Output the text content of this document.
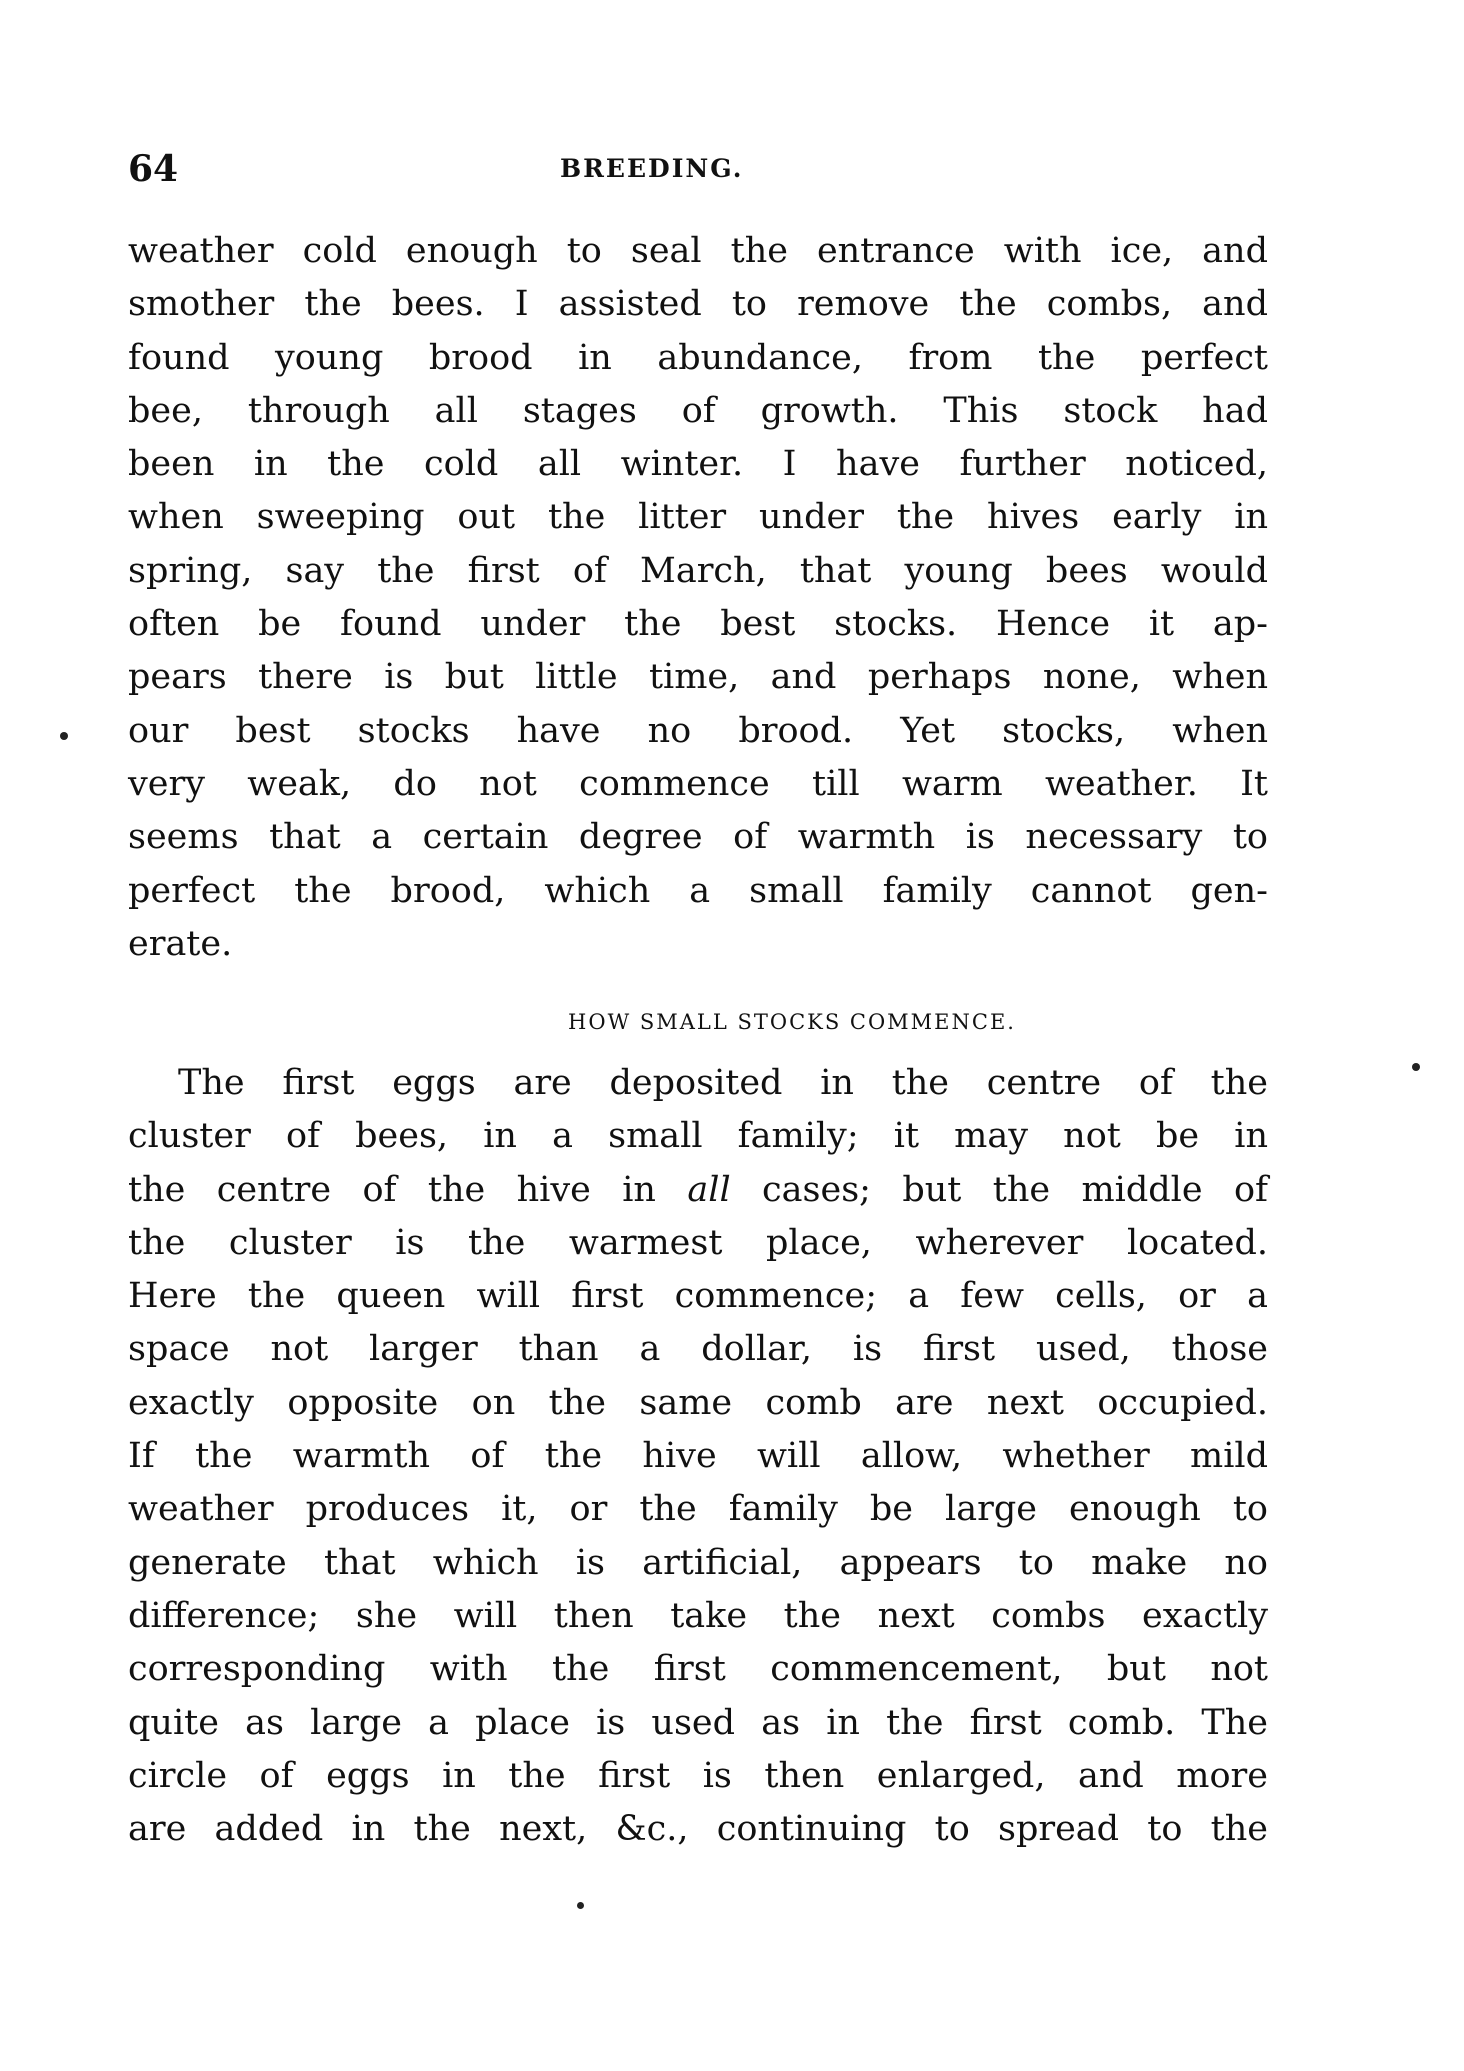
64	BREEDING.
weather cold enough to seal the entrance with ice, and
smother the bees. I assisted to remove the combs, and
found young brood in abundance, from the perfect
bee, through all stages of growth. This stock had
been in the cold all winter. I have further noticed,
when sweeping out the litter under the hives early in
spring, say the first of March, that young bees would
often be found under the best stocks. Hence it ap-
pears there is but little time, and perhaps none, when
our best stocks have no brood. Yet stocks, when
very weak, do not commence till warm weather. It
seems that a certain degree of warmth is necessary to
perfect the brood, which a small family cannot gen-
erate.
HOW SMALL STOCKS COMMENCE.
The first eggs are deposited in the centre of the
cluster of bees, in a small family; it may not be in
the centre of the hive in all cases; but the middle of
the cluster is the warmest place, wherever located.
Here the queen will first commence; a few cells, or a
space not larger than a dollar, is first used, those
exactly opposite on the same comb are next occupied.
If the warmth of the hive will allow, whether mild
weather produces it, or the family be large enough to
generate that which is artificial, appears to make no
difference; she will then take the next combs exactly
corresponding with the first commencement, but not
quite as large a place is used as in the first comb. The
circle of eggs in the first is then enlarged, and more
are added in the next, &c., continuing to spread to the
